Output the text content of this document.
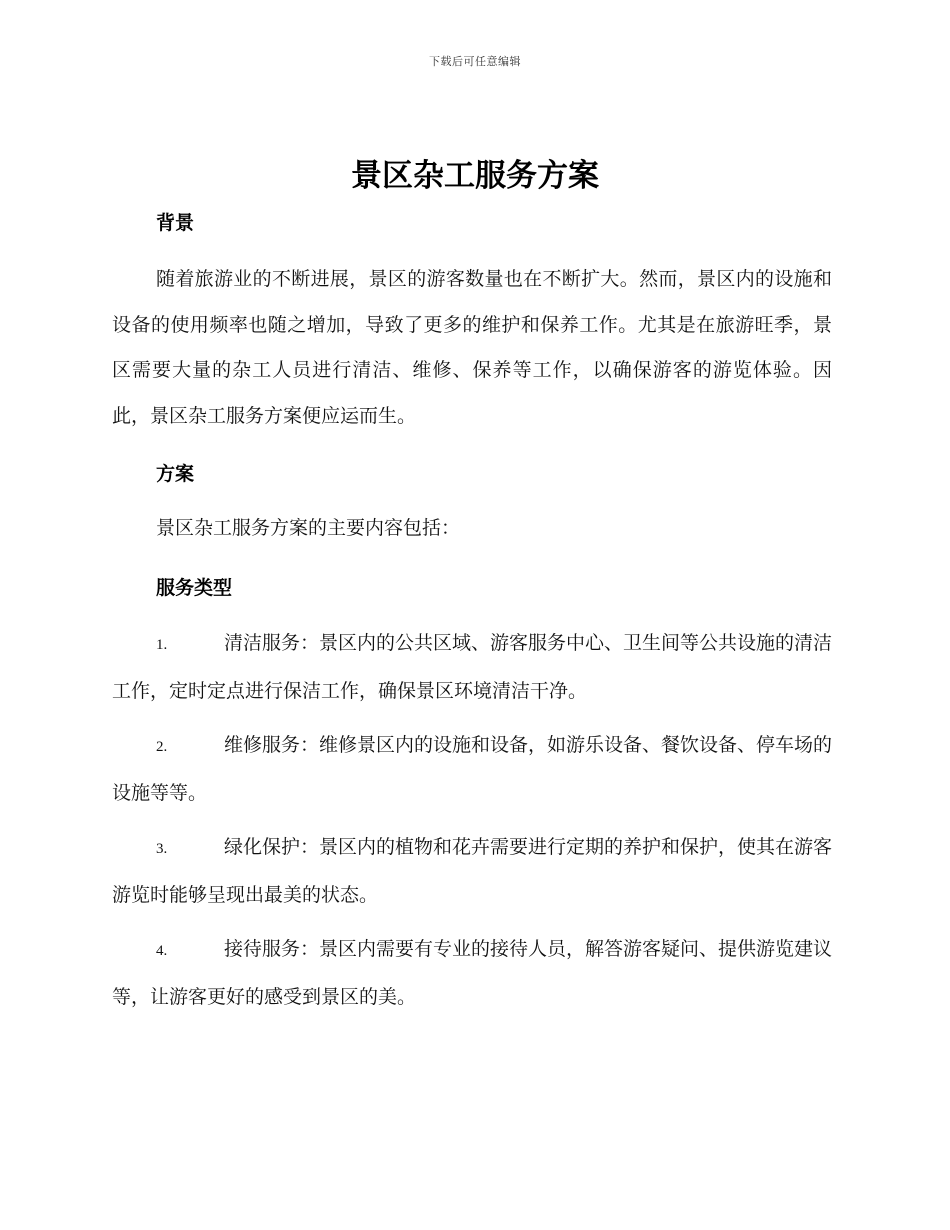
下载后可任意编辑
景区杂工服务方案
背景

随着旅游业的不断进展，景区的游客数量也在不断扩大。然而，景区内的设施和设备的使用频率也随之增加，导致了更多的维护和保养工作。尤其是在旅游旺季，景区需要大量的杂工人员进行清洁、维修、保养等工作，以确保游客的游览体验。因此，景区杂工服务方案便应运而生。

方案

景区杂工服务方案的主要内容包括：

服务类型

1.	清洁服务：景区内的公共区域、游客服务中心、卫生间等公共设施的清洁工作，定时定点进行保洁工作，确保景区环境清洁干净。

2.	维修服务：维修景区内的设施和设备，如游乐设备、餐饮设备、停车场的设施等等。

3.	绿化保护：景区内的植物和花卉需要进行定期的养护和保护，使其在游客游览时能够呈现出最美的状态。

4.	接待服务：景区内需要有专业的接待人员，解答游客疑问、提供游览建议等，让游客更好的感受到景区的美。
